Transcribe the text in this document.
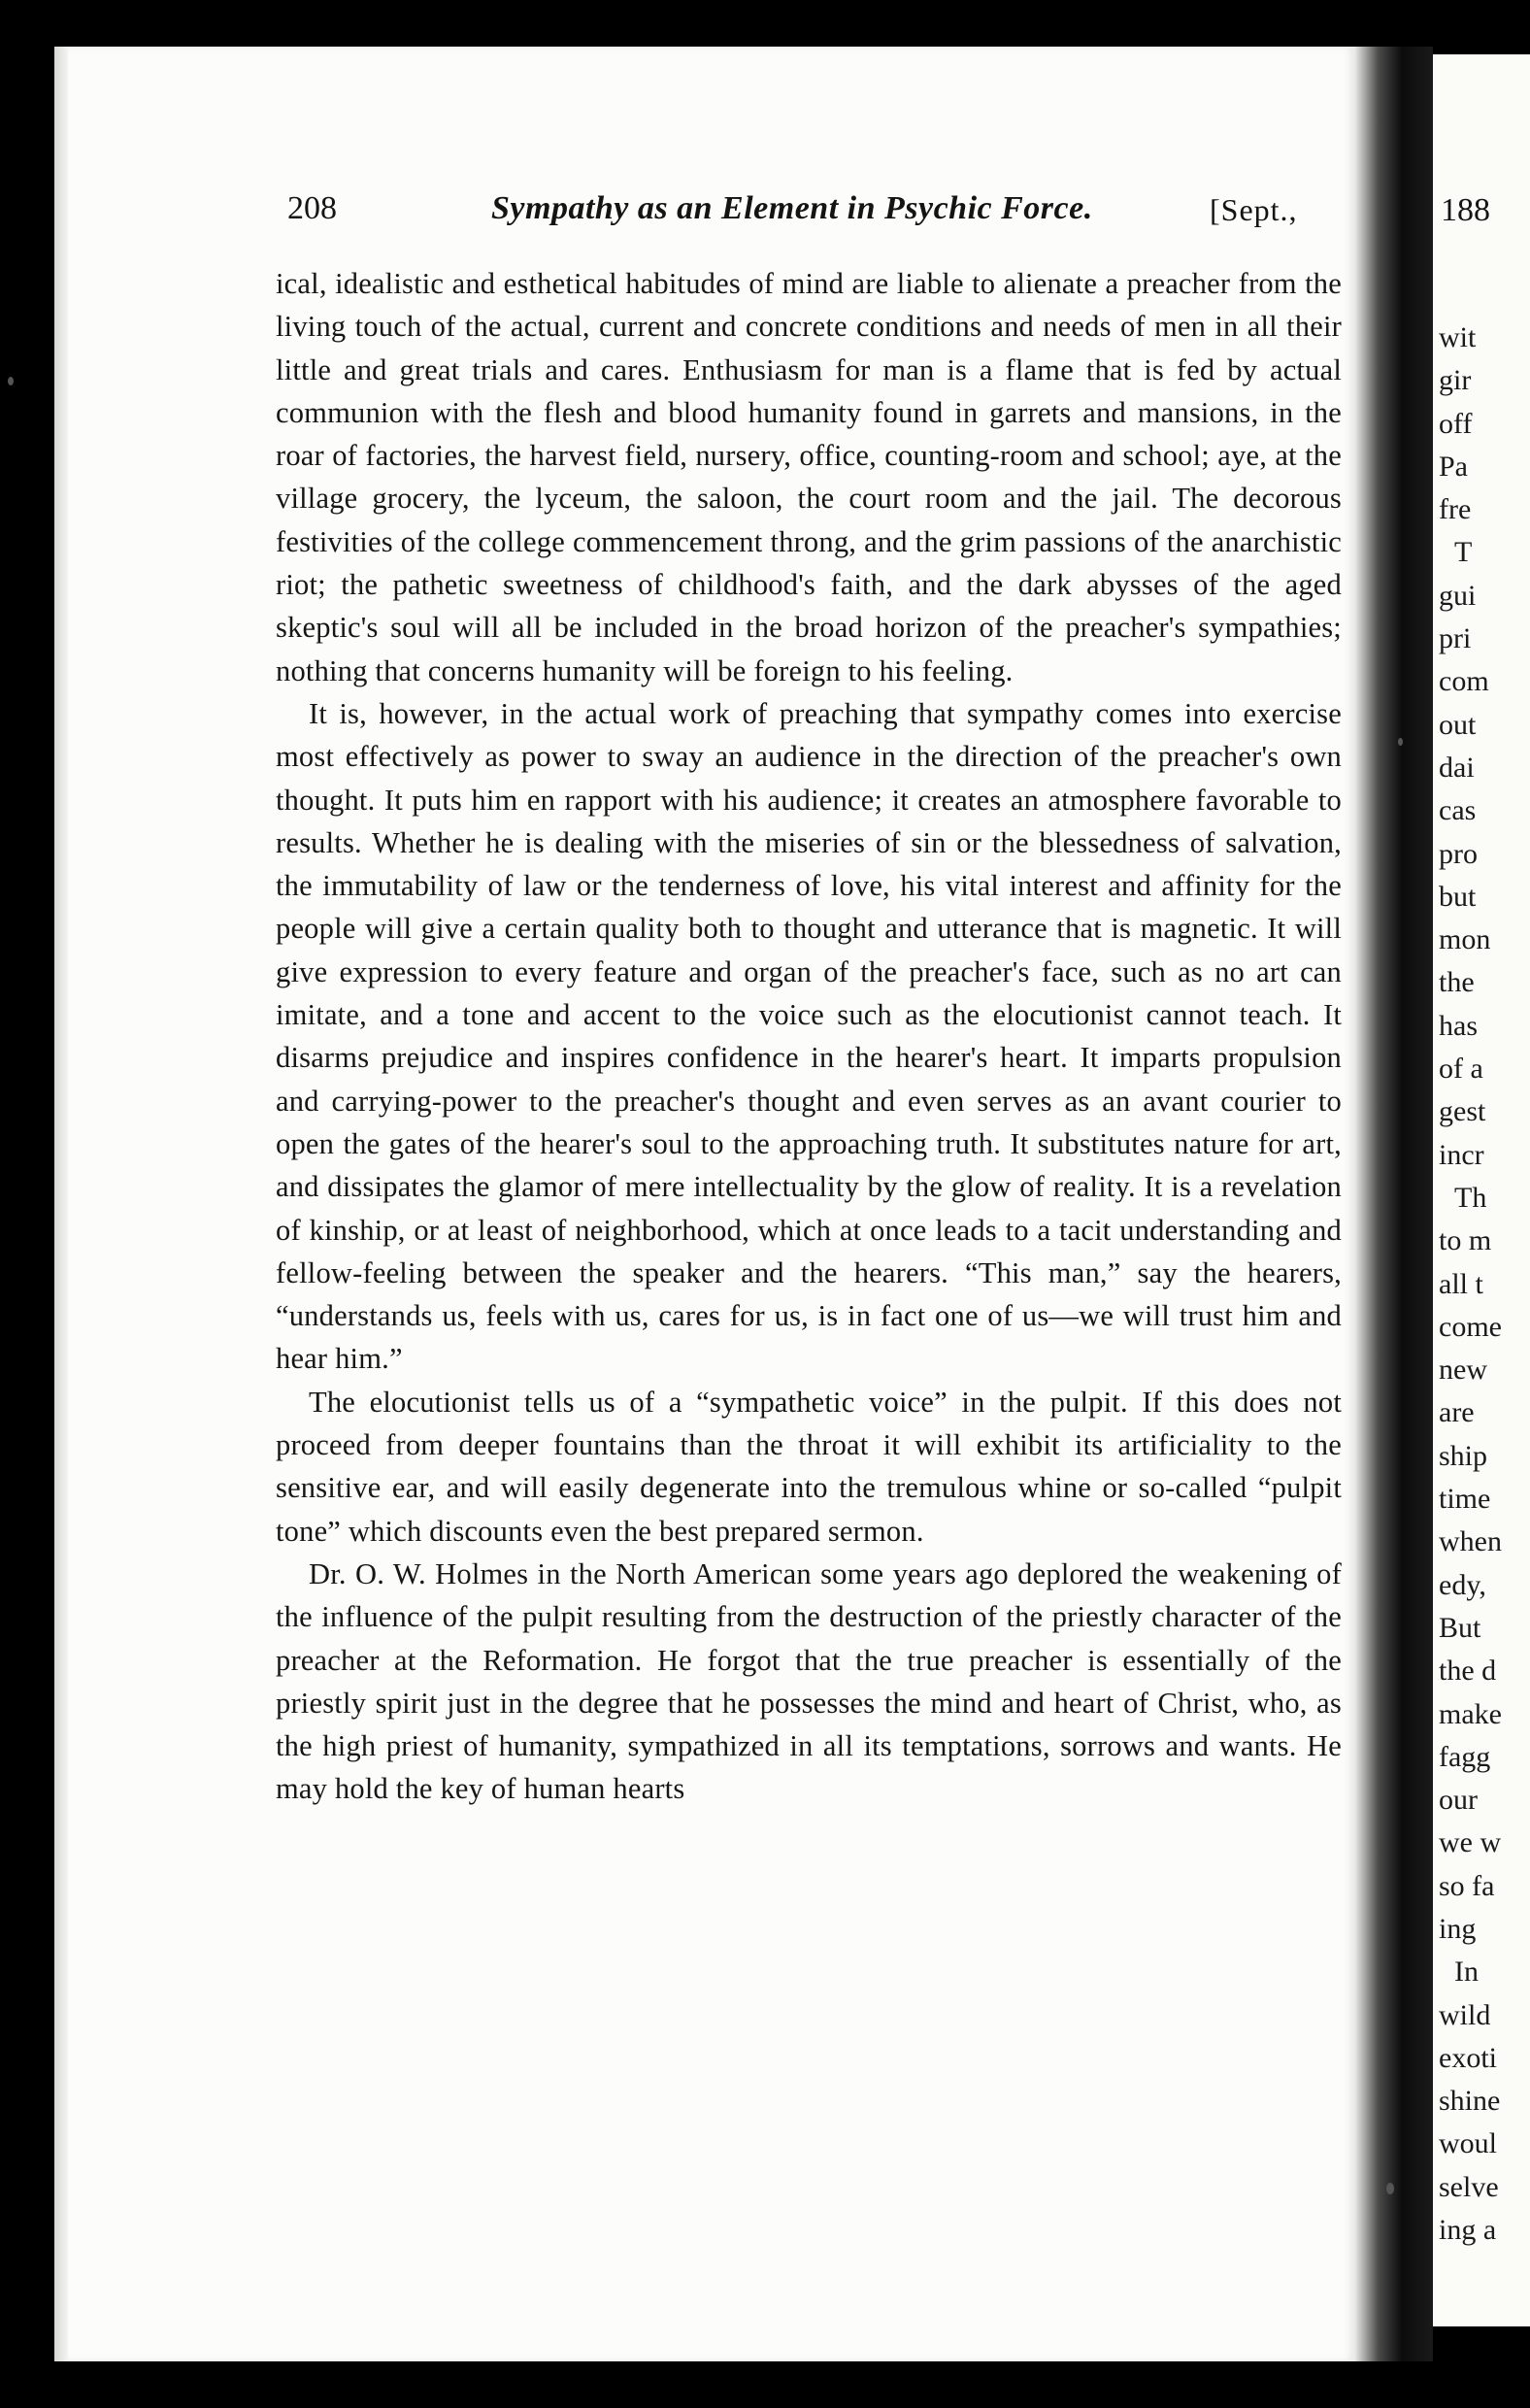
188
wit
gir
off
Pa
fre
T
gui
pri
com
out
dai
cas
pro
but
mon
the
has
of a
gest
incr
Th
to m
all t
come
new
are
ship
time
when
edy,
But
the d
make
fagg
our
we w
so fa
ing
In
wild
exoti
shine
woul
selve
ing a
208	Sympathy as an Element in Psychic Force.	[Sept.,

ical, idealistic and esthetical habitudes of mind are liable to alienate a preacher from the living touch of the actual, current and concrete conditions and needs of men in all their little and great trials and cares. Enthusiasm for man is a flame that is fed by actual communion with the flesh and blood humanity found in garrets and mansions, in the roar of factories, the harvest field, nursery, office, counting-room and school; aye, at the village grocery, the lyceum, the saloon, the court room and the jail. The decorous festivities of the college commencement throng, and the grim passions of the anarchistic riot; the pathetic sweetness of childhood's faith, and the dark abysses of the aged skeptic's soul will all be included in the broad horizon of the preacher's sympathies; nothing that concerns humanity will be foreign to his feeling.

It is, however, in the actual work of preaching that sympathy comes into exercise most effectively as power to sway an audience in the direction of the preacher's own thought. It puts him en rapport with his audience; it creates an atmosphere favorable to results. Whether he is dealing with the miseries of sin or the blessedness of salvation, the immutability of law or the tenderness of love, his vital interest and affinity for the people will give a certain quality both to thought and utterance that is magnetic. It will give expression to every feature and organ of the preacher's face, such as no art can imitate, and a tone and accent to the voice such as the elocutionist cannot teach. It disarms prejudice and inspires confidence in the hearer's heart. It imparts propulsion and carrying-power to the preacher's thought and even serves as an avant courier to open the gates of the hearer's soul to the approaching truth. It substitutes nature for art, and dissipates the glamor of mere intellectuality by the glow of reality. It is a revelation of kinship, or at least of neighborhood, which at once leads to a tacit understanding and fellow-feeling between the speaker and the hearers. “This man,” say the hearers, “understands us, feels with us, cares for us, is in fact one of us—we will trust him and hear him.”

The elocutionist tells us of a “sympathetic voice” in the pulpit. If this does not proceed from deeper fountains than the throat it will exhibit its artificiality to the sensitive ear, and will easily degenerate into the tremulous whine or so-called “pulpit tone” which discounts even the best prepared sermon.

Dr. O. W. Holmes in the North American some years ago deplored the weakening of the influence of the pulpit resulting from the destruction of the priestly character of the preacher at the Reformation. He forgot that the true preacher is essentially of the priestly spirit just in the degree that he possesses the mind and heart of Christ, who, as the high priest of humanity, sympathized in all its temptations, sorrows and wants. He may hold the key of human hearts
